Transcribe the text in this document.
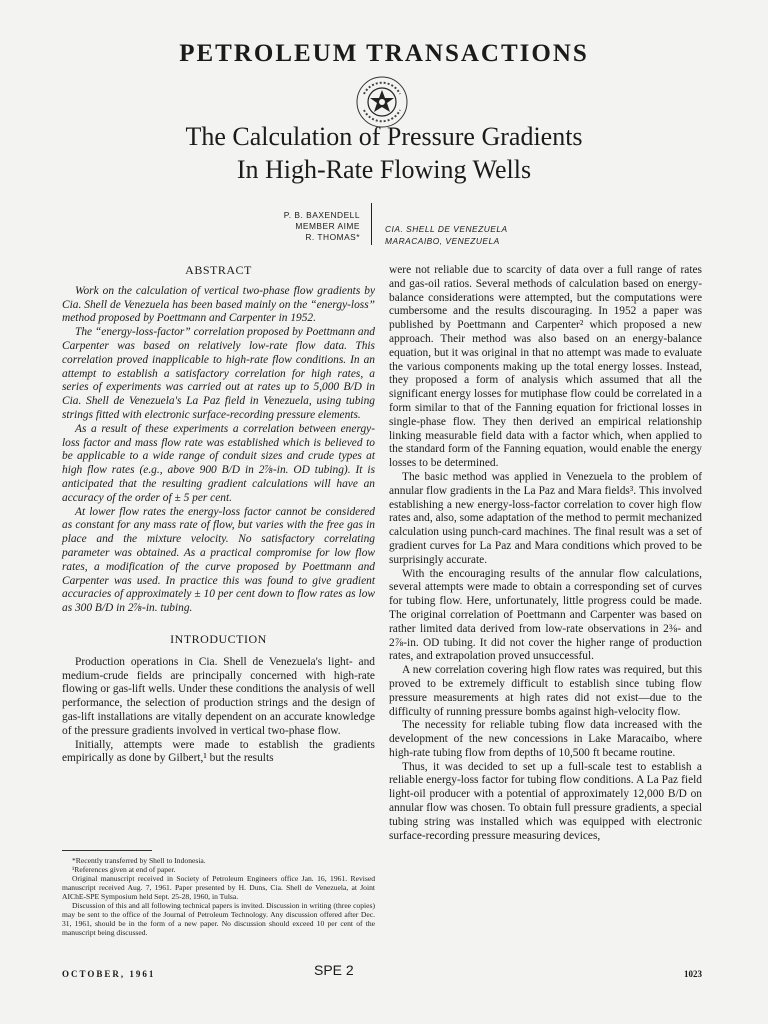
PETROLEUM TRANSACTIONS
The Calculation of Pressure Gradients
In High-Rate Flowing Wells
P. B. BAXENDELL
MEMBER AIME
R. THOMAS*
CIA. SHELL DE VENEZUELA
MARACAIBO, VENEZUELA
ABSTRACT

Work on the calculation of vertical two-phase flow gradients by Cia. Shell de Venezuela has been based mainly on the “energy-loss” method proposed by Poettmann and Carpenter in 1952.

The “energy-loss-factor” correlation proposed by Poettmann and Carpenter was based on relatively low-rate flow data. This correlation proved inapplicable to high-rate flow conditions. In an attempt to establish a satisfactory correlation for high rates, a series of experiments was carried out at rates up to 5,000 B/D in Cia. Shell de Venezuela's La Paz field in Venezuela, using tubing strings fitted with electronic surface-recording pressure elements.

As a result of these experiments a correlation between energy-loss factor and mass flow rate was established which is believed to be applicable to a wide range of conduit sizes and crude types at high flow rates (e.g., above 900 B/D in 2⅞-in. OD tubing). It is anticipated that the resulting gradient calculations will have an accuracy of the order of ± 5 per cent.

At lower flow rates the energy-loss factor cannot be considered as constant for any mass rate of flow, but varies with the free gas in place and the mixture velocity. No satisfactory correlating parameter was obtained. As a practical compromise for low flow rates, a modification of the curve proposed by Poettmann and Carpenter was used. In practice this was found to give gradient accuracies of approximately ± 10 per cent down to flow rates as low as 300 B/D in 2⅞-in. tubing.

INTRODUCTION

Production operations in Cia. Shell de Venezuela's light- and medium-crude fields are principally concerned with high-rate flowing or gas-lift wells. Under these conditions the analysis of well performance, the selection of production strings and the design of gas-lift installations are vitally dependent on an accurate knowledge of the pressure gradients involved in vertical two-phase flow.

Initially, attempts were made to establish the gradients empirically as done by Gilbert,¹ but the results

were not reliable due to scarcity of data over a full range of rates and gas-oil ratios. Several methods of calculation based on energy-balance considerations were attempted, but the computations were cumbersome and the results discouraging. In 1952 a paper was published by Poettmann and Carpenter² which proposed a new approach. Their method was also based on an energy-balance equation, but it was original in that no attempt was made to evaluate the various components making up the total energy losses. Instead, they proposed a form of analysis which assumed that all the significant energy losses for mutiphase flow could be correlated in a form similar to that of the Fanning equation for frictional losses in single-phase flow. They then derived an empirical relationship linking measurable field data with a factor which, when applied to the standard form of the Fanning equation, would enable the energy losses to be determined.

The basic method was applied in Venezuela to the problem of annular flow gradients in the La Paz and Mara fields³. This involved establishing a new energy-loss-factor correlation to cover high flow rates and, also, some adaptation of the method to permit mechanized calculation using punch-card machines. The final result was a set of gradient curves for La Paz and Mara conditions which proved to be surprisingly accurate.

With the encouraging results of the annular flow calculations, several attempts were made to obtain a corresponding set of curves for tubing flow. Here, unfortunately, little progress could be made. The original correlation of Poettmann and Carpenter was based on rather limited data derived from low-rate observations in 2⅜- and 2⅞-in. OD tubing. It did not cover the higher range of production rates, and extrapolation proved unsuccessful.

A new correlation covering high flow rates was required, but this proved to be extremely difficult to establish since tubing flow pressure measurements at high rates did not exist—due to the difficulty of running pressure bombs against high-velocity flow.

The necessity for reliable tubing flow data increased with the development of the new concessions in Lake Maracaibo, where high-rate tubing flow from depths of 10,500 ft became routine.

Thus, it was decided to set up a full-scale test to establish a reliable energy-loss factor for tubing flow conditions. A La Paz field light-oil producer with a potential of approximately 12,000 B/D on annular flow was chosen. To obtain full pressure gradients, a special tubing string was installed which was equipped with electronic surface-recording pressure measuring devices,

*Recently transferred by Shell to Indonesia.

¹References given at end of paper.

Original manuscript received in Society of Petroleum Engineers office Jan. 16, 1961. Revised manuscript received Aug. 7, 1961. Paper presented by H. Duns, Cia. Shell de Venezuela, at Joint AIChE-SPE Symposium held Sept. 25-28, 1960, in Tulsa.

Discussion of this and all following technical papers is invited. Discussion in writing (three copies) may be sent to the office of the Journal of Petroleum Technology. Any discussion offered after Dec. 31, 1961, should be in the form of a new paper. No discussion should exceed 10 per cent of the manuscript being discussed.

OCTOBER, 1961	SPE 2	1023
